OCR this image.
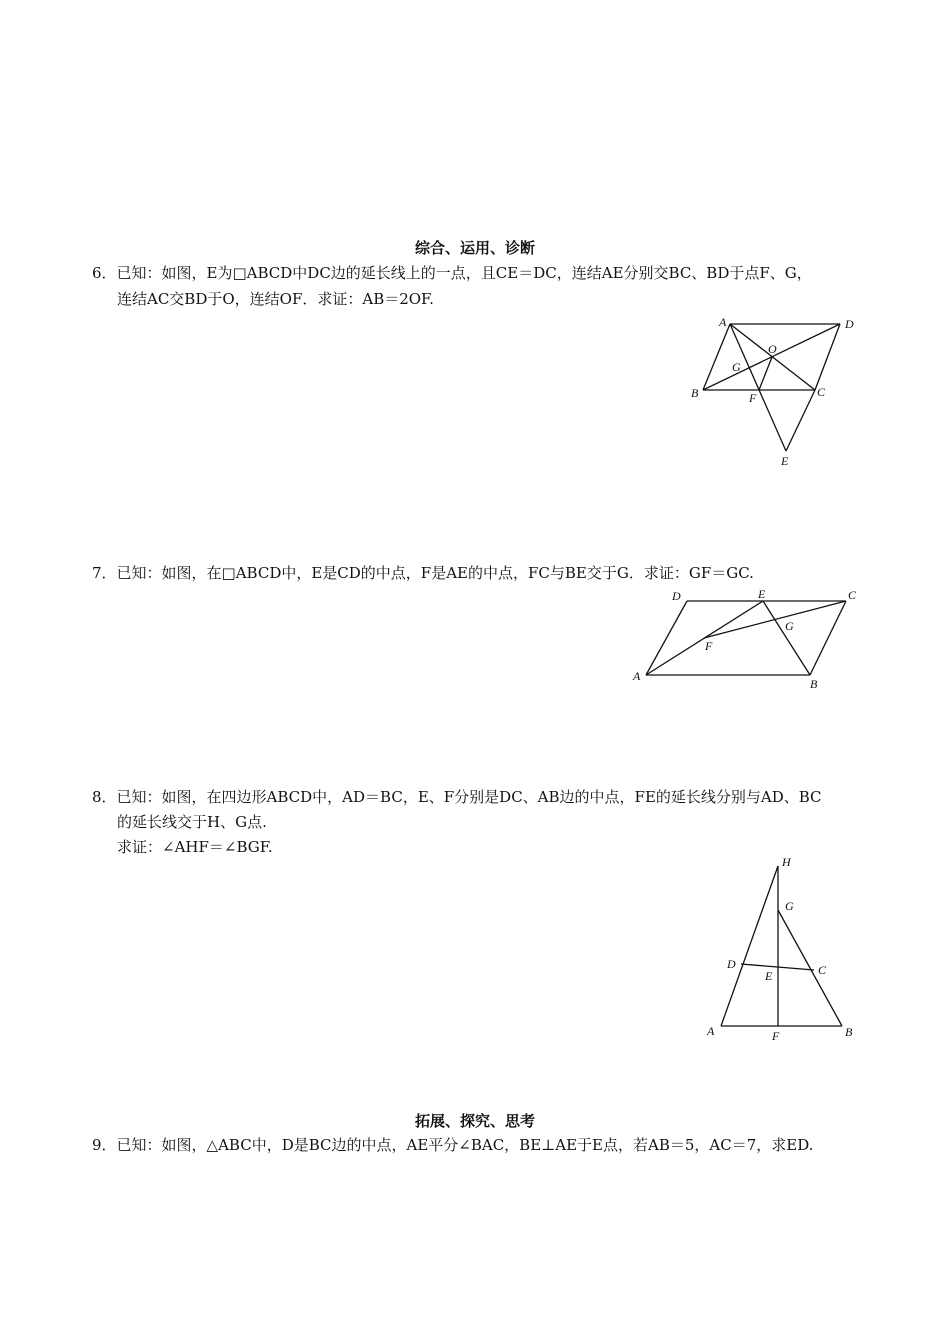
综合、运用、诊断
6．已知：如图，E为□ABCD中DC边的延长线上的一点，且CE＝DC，连结AE分别交BC、BD于点F、G，
连结AC交BD于O，连结OF．求证：AB＝2OF.
A	D
O
G
B	F	C
E
7．已知：如图，在□ABCD中，E是CD的中点，F是AE的中点，FC与BE交于G．求证：GF＝GC.
D	E	C
G
F
A
B
8．已知：如图，在四边形ABCD中，AD＝BC，E、F分别是DC、AB边的中点，FE的延长线分别与AD、BC
的延长线交于H、G点.
求证：∠AHF＝∠BGF.
H
G
D
E	C
A	F	B
拓展、探究、思考
9．已知：如图，△ABC中，D是BC边的中点，AE平分∠BAC，BE⊥AE于E点，若AB＝5，AC＝7，求ED.
